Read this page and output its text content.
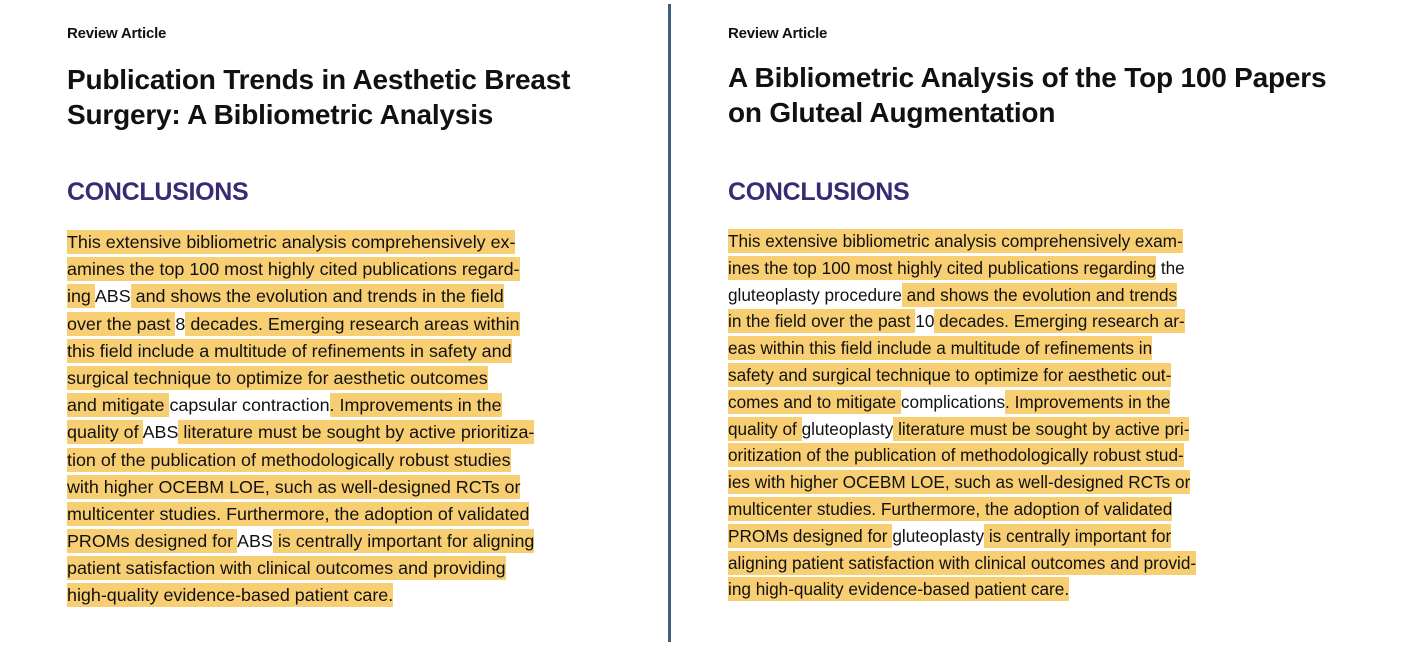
Review Article
Publication Trends in Aesthetic Breast
Surgery: A Bibliometric Analysis
CONCLUSIONS
This extensive bibliometric analysis comprehensively ex-
amines the top 100 most highly cited publications regard-
ing ABS and shows the evolution and trends in the field
over the past 8 decades. Emerging research areas within
this field include a multitude of refinements in safety and
surgical technique to optimize for aesthetic outcomes
and mitigate capsular contraction. Improvements in the
quality of ABS literature must be sought by active prioritiza-
tion of the publication of methodologically robust studies
with higher OCEBM LOE, such as well-designed RCTs or
multicenter studies. Furthermore, the adoption of validated
PROMs designed for ABS is centrally important for aligning
patient satisfaction with clinical outcomes and providing
high-quality evidence-based patient care.
Review Article
A Bibliometric Analysis of the Top 100 Papers
on Gluteal Augmentation
CONCLUSIONS
This extensive bibliometric analysis comprehensively exam-
ines the top 100 most highly cited publications regarding the
gluteoplasty procedure and shows the evolution and trends
in the field over the past 10 decades. Emerging research ar-
eas within this field include a multitude of refinements in
safety and surgical technique to optimize for aesthetic out-
comes and to mitigate complications. Improvements in the
quality of gluteoplasty literature must be sought by active pri-
oritization of the publication of methodologically robust stud-
ies with higher OCEBM LOE, such as well-designed RCTs or
multicenter studies. Furthermore, the adoption of validated
PROMs designed for gluteoplasty is centrally important for
aligning patient satisfaction with clinical outcomes and provid-
ing high-quality evidence-based patient care.
